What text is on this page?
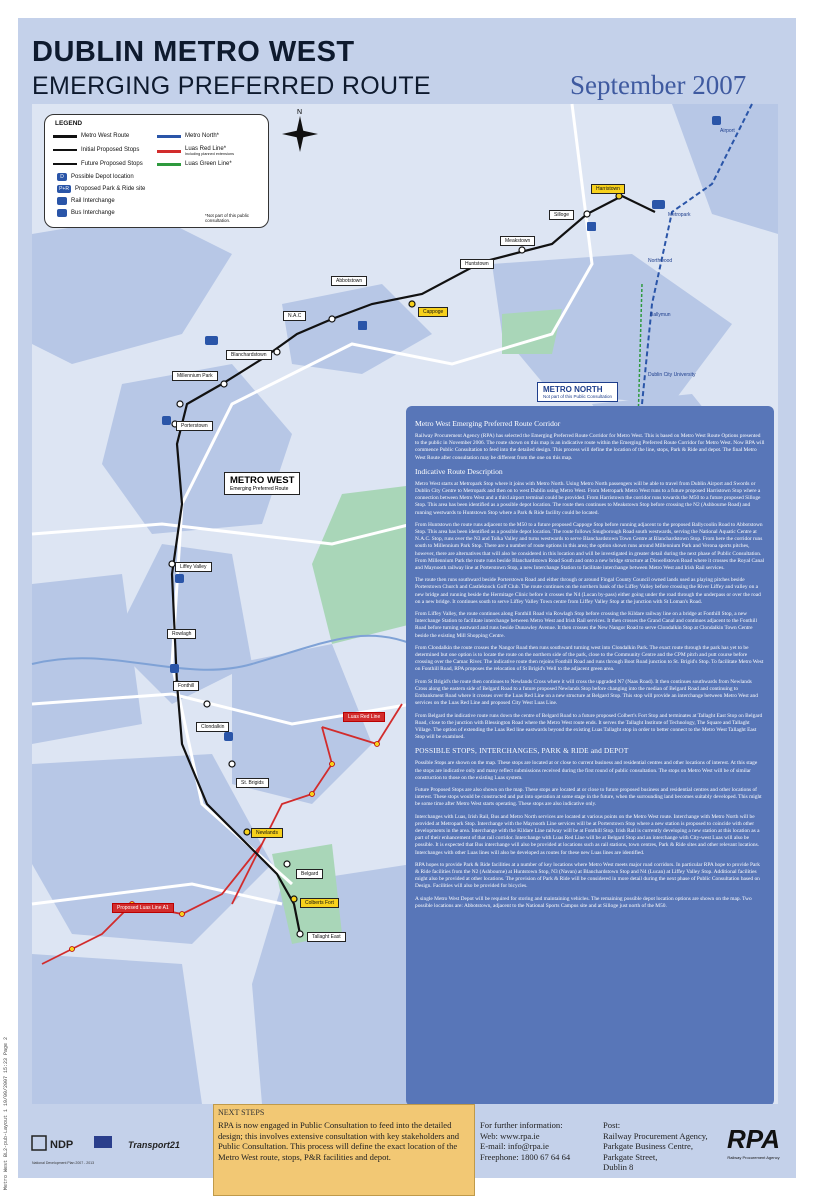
DUBLIN METRO WEST
EMERGING PREFERRED ROUTE	September 2007
N
LEGEND
Metro West Route
Initial Proposed Stops
Future Proposed Stops
D	Possible Depot location
P+R	Proposed Park & Ride site
Rail Interchange
Bus Interchange
Metro North*
Luas Red Line*
Including planned extensions
Luas Green Line*
*Not part of this public consultation.
Harristown
Silloge
Meakstown
Huntstown
Abbotstown
N.A.C
Cappoge
Blanchardstown
Millennium Park
Porterstown
Liffey Valley
Rowlagh
Fonthill
Clondalkin
St. Brigids
Newlands
Belgard
Colberts Fort
Tallaght East
Airport
Metropark
Northwood
Ballymun
Dublin City University
Luas Red Line
Proposed Luas Line A1
METRO WEST
Emerging Preferred Route
METRO NORTH
Not part of this Public Consultation
Metro West Emerging Preferred Route Corridor

Railway Procurement Agency (RPA) has selected the Emerging Preferred Route Corridor for Metro West. This is based on Metro West Route Options presented to the public in November 2006. The route shown on this map is an indicative route within the Emerging Preferred Route Corridor for Metro West. Now RPA will commence Public Consultation to feed into the detailed design. This process will define the location of the line, stops, Park & Ride and depot. The final Metro West Route after consultation may be different from the one on this map.

Indicative Route Description

Metro West starts at Metropark Stop where it joins with Metro North. Using Metro North passengers will be able to travel from Dublin Airport and Swords or Dublin City Centre to Metropark and then on to west Dublin using Metro West. From Metropark Metro West runs to a future proposed Harristown Stop where a connection between Metro West and a third airport terminal could be provided. From Harristown the corridor runs towards the M50 to a future proposed Silloge Stop. This area has been identified as a possible depot location. The route then continues to Meakstown Stop before crossing the N2 (Ashbourne Road) and running westwards to Huntstown Stop where a Park & Ride facility could be located.

From Huntstown the route runs adjacent to the M50 to a future proposed Cappoge Stop before running adjacent to the proposed Ballycoolin Road to Abbotstown Stop. This area has been identified as a possible depot location. The route follows Snugborough Road south westwards, serving the National Aquatic Centre at N.A.C. Stop, runs over the N3 and Tolka Valley and turns westwards to serve Blanchardstown Town Centre at Blanchardstown Stop. From here the corridor runs south to Millennium Park Stop. There are a number of route options in this area; the option shown runs around Millennium Park and Verona sports pitches, however, there are alternatives that will also be considered in this location and will be investigated in greater detail during the next phase of Public Consultation. From Millennium Park the route runs beside Blanchardstown Road South and onto a new bridge structure at Diswellstown Road where it crosses the Royal Canal and Maynooth railway line at Porterstown Stop, a new Interchange Station to facilitate interchange between Metro West and Irish Rail services.

The route then runs southward beside Porterstown Road and either through or around Fingal County Council owned lands used as playing pitches beside Porterstown Church and Castleknock Golf Club. The route continues on the northern bank of the Liffey Valley before crossing the River Liffey and valley on a new bridge and running beside the Hermitage Clinic before it crosses the N4 (Lucan by-pass) either going under the road through the underpass or over the road on a new bridge. It continues south to serve Liffey Valley Town centre from Liffey Valley Stop at the junction with St Loman's Road.

From Liffey Valley, the route continues along Fonthill Road via Rowlagh Stop before crossing the Kildare railway line on a bridge at Fonthill Stop, a new Interchange Station to facilitate interchange between Metro West and Irish Rail services. It then crosses the Grand Canal and continues adjacent to the Fonthill Road before turning eastward and runs beside Dunawley Avenue. It then crosses the New Nangor Road to serve Clondalkin Stop at Clondalkin Town Centre beside the existing Mill Shopping Centre.

From Clondalkin the route crosses the Nangor Road then runs southward turning west into Clondalkin Park. The exact route through the park has yet to be determined but one option is to locate the route on the northern side of the park, close to the Community Centre and the CPM pitch and putt course before crossing over the Camac River. The indicative route then rejoins Fonthill Road and runs through Boot Road junction to St. Brigid's Stop. To facilitate Metro West on Fonthill Road, RPA proposes the relocation of St Brigid's Well to the adjacent green area.

From St Brigid's the route then continues to Newlands Cross where it will cross the upgraded N7 (Naas Road). It then continues southwards from Newlands Cross along the eastern side of Belgard Road to a future proposed Newlands Stop before changing into the median of Belgard Road and continuing to Embankment Road where it crosses over the Luas Red Line on a new structure at Belgard Stop. This stop will provide an interchange between Metro West and services on the Luas Red Line and proposed City West Luas Line.

From Belgard the indicative route runs down the centre of Belgard Road to a future proposed Colbert's Fort Stop and terminates at Tallaght East Stop on Belgard Road, close to the junction with Blessington Road where the Metro West route ends. It serves the Tallaght Institute of Technology, The Square and Tallaght Village. The option of extending the Luas Red line eastwards beyond the existing Luas Tallaght stop in order to better connect to the Metro West Tallaght East Stop will be examined.

POSSIBLE STOPS, INTERCHANGES, PARK & RIDE and DEPOT

Possible Stops are shown on the map. These stops are located at or close to current business and residential centres and other locations of interest. At this stage the stops are indicative only and many reflect submissions received during the first round of public consultation. The stops on Metro West will be of similar construction to those on the existing Luas system.

Future Proposed Stops are also shown on the map. These stops are located at or close to future proposed business and residential centres and other locations of interest. These stops would be constructed and put into operation at some stage in the future, when the surrounding land becomes suitably developed. This might be some time after Metro West starts operating. These stops are also indicative only.

Interchanges with Luas, Irish Rail, Bus and Metro North services are located at various points on the Metro West route. Interchange with Metro North will be provided at Metropark Stop. Interchange with the Maynooth Line services will be at Porterstown Stop where a new station is proposed to coincide with other developments in the area. Interchange with the Kildare Line railway will be at Fonthill Stop. Irish Rail is currently developing a new station at this location as a part of their enhancement of that rail corridor. Interchange with Luas Red Line will be at Belgard Stop and an interchange with City-west Luas will also be possible. It is expected that Bus interchange will also be provided at locations such as rail stations, town centres, Park & Ride sites and other relevant locations. Interchanges with other Luas lines will also be developed as routes for these new Luas lines are identified.

RPA hopes to provide Park & Ride facilities at a number of key locations where Metro West meets major road corridors. In particular RPA hope to provide Park & Ride facilities from the N2 (Ashbourne) at Huntstown Stop, N3 (Navan) at Blanchardstown Stop and N4 (Lucan) at Liffey Valley Stop. Additional facilities might also be provided at other locations. The provision of Park & Ride will be considered in more detail during the next phase of Public Consultation based on Design. Facilities will also be provided for bicycles.

A single Metro West Depot will be required for storing and maintaining vehicles. The remaining possible depot location options are shown on the map. Two possible locations are: Abbotstown, adjacent to the National Sports Campus site and at Silloge just north of the M50.

NDP	Transport21
National Development Plan 2007 - 2013
NEXT STEPS
RPA is now engaged in Public Consultation to feed into the detailed design; this involves extensive consultation with key stakeholders and Public Consultation. This process will define the exact location of the Metro West route, stops, P&R facilities and depot.
For further information:
Web: www.rpa.ie
E-mail: info@rpa.ie
Freephone: 1800 67 64 64
Post:
Railway Procurement Agency,
Parkgate Business Centre,
Parkgate Street,
Dublin 8
RPA
Railway Procurement Agency
Metro West BL2-pub-Layout 1 19/09/2007 15:23 Page 2
